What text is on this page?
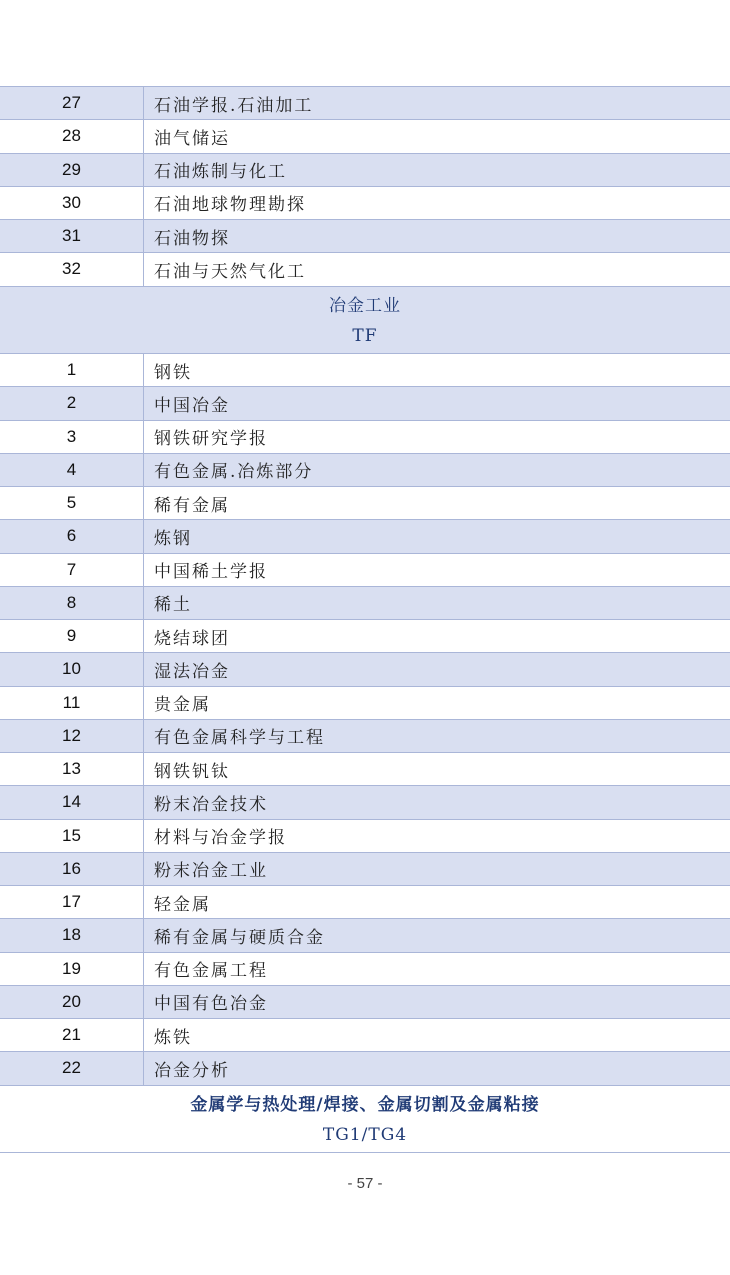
27	石油学报.石油加工
28	油气储运
29	石油炼制与化工
30	石油地球物理勘探
31	石油物探
32	石油与天然气化工
冶金工业
TF
1	钢铁
2	中国冶金
3	钢铁研究学报
4	有色金属.冶炼部分
5	稀有金属
6	炼钢
7	中国稀土学报
8	稀土
9	烧结球团
10	湿法冶金
11	贵金属
12	有色金属科学与工程
13	钢铁钒钛
14	粉末冶金技术
15	材料与冶金学报
16	粉末冶金工业
17	轻金属
18	稀有金属与硬质合金
19	有色金属工程
20	中国有色冶金
21	炼铁
22	冶金分析
金属学与热处理/焊接、金属切割及金属粘接
TG1/TG4
- 57 -
